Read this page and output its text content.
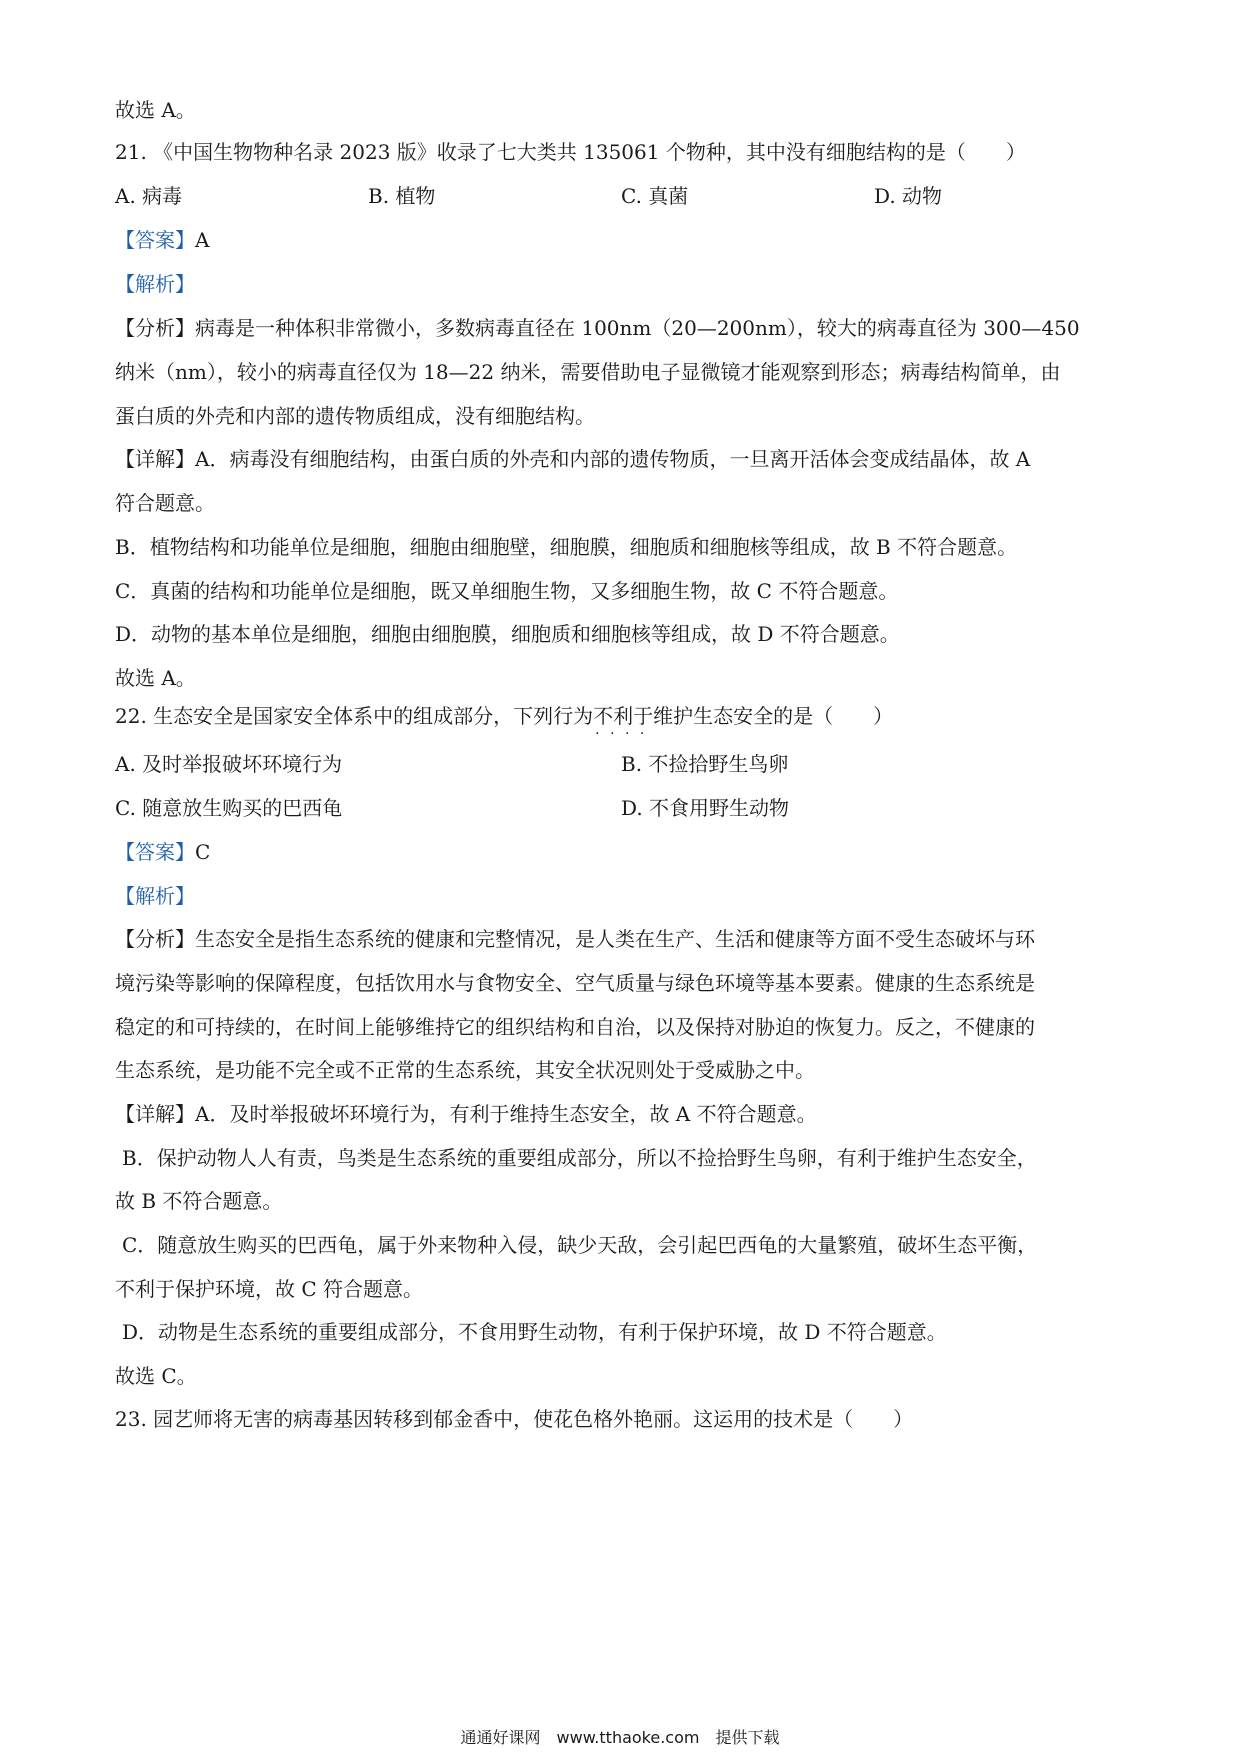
故选 A。
21. 《中国生物物种名录 2023 版》收录了七大类共 135061 个物种，其中没有细胞结构的是（　　）
A. 病毒	B. 植物	C. 真菌	D. 动物
【答案】A
【解析】
【分析】病毒是一种体积非常微小，多数病毒直径在 100nm（20—200nm），较大的病毒直径为 300—450
纳米（nm），较小的病毒直径仅为 18—22 纳米，需要借助电子显微镜才能观察到形态；病毒结构简单，由
蛋白质的外壳和内部的遗传物质组成，没有细胞结构。
【详解】A．病毒没有细胞结构，由蛋白质的外壳和内部的遗传物质，一旦离开活体会变成结晶体，故 A
符合题意。
B．植物结构和功能单位是细胞，细胞由细胞壁，细胞膜，细胞质和细胞核等组成，故 B 不符合题意。
C．真菌的结构和功能单位是细胞，既又单细胞生物，又多细胞生物，故 C 不符合题意。
D．动物的基本单位是细胞，细胞由细胞膜，细胞质和细胞核等组成，故 D 不符合题意。
故选 A。
22. 生态安全是国家安全体系中的组成部分，下列行为不利于 · · · ·维护生态安全的是（　　）
A. 及时举报破坏环境行为	B. 不捡拾野生鸟卵
C. 随意放生购买的巴西龟	D. 不食用野生动物
【答案】C
【解析】
【分析】生态安全是指生态系统的健康和完整情况，是人类在生产、生活和健康等方面不受生态破坏与环
境污染等影响的保障程度，包括饮用水与食物安全、空气质量与绿色环境等基本要素。健康的生态系统是
稳定的和可持续的，在时间上能够维持它的组织结构和自治，以及保持对胁迫的恢复力。反之，不健康的
生态系统，是功能不完全或不正常的生态系统，其安全状况则处于受威胁之中。
【详解】A．及时举报破坏环境行为，有利于维持生态安全，故 A 不符合题意。
B．保护动物人人有责，鸟类是生态系统的重要组成部分，所以不捡拾野生鸟卵，有利于维护生态安全，
故 B 不符合题意。
C．随意放生购买的巴西龟，属于外来物种入侵，缺少天敌，会引起巴西龟的大量繁殖，破坏生态平衡，
不利于保护环境，故 C 符合题意。
D．动物是生态系统的重要组成部分，不食用野生动物，有利于保护环境，故 D 不符合题意。
故选 C。
23. 园艺师将无害的病毒基因转移到郁金香中，使花色格外艳丽。这运用的技术是（　　）
通通好课网　www.tthaoke.com　提供下载
